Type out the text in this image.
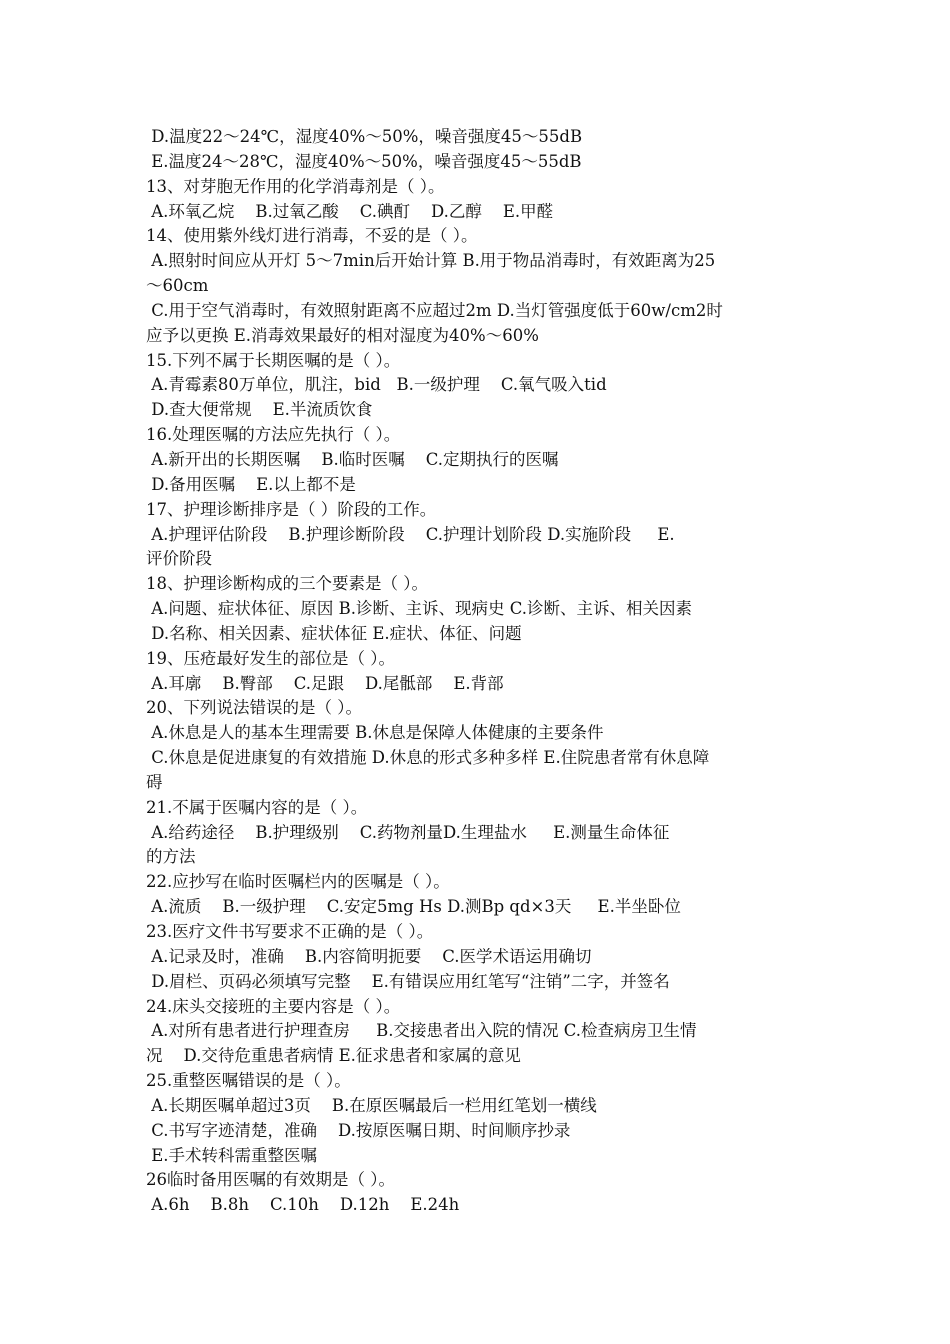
D.温度22～24℃，湿度40%～50%，噪音强度45～55dB
E.温度24～28℃，湿度40%～50%，噪音强度45～55dB
13、对芽胞无作用的化学消毒剂是（ ）。
A.环氧乙烷    B.过氧乙酸    C.碘酊    D.乙醇    E.甲醛
14、使用紫外线灯进行消毒，不妥的是（ ）。
A.照射时间应从开灯 5～7min后开始计算 B.用于物品消毒时，有效距离为25
～60cm
C.用于空气消毒时，有效照射距离不应超过2m D.当灯管强度低于60w/cm2时
应予以更换 E.消毒效果最好的相对湿度为40%～60%
15.下列不属于长期医嘱的是（ ）。
A.青霉素80万单位，肌注，bid   B.一级护理    C.氧气吸入tid
D.查大便常规    E.半流质饮食
16.处理医嘱的方法应先执行（ ）。
A.新开出的长期医嘱    B.临时医嘱    C.定期执行的医嘱
D.备用医嘱    E.以上都不是
17、护理诊断排序是（ ）阶段的工作。
A.护理评估阶段    B.护理诊断阶段    C.护理计划阶段 D.实施阶段     E.
评价阶段
18、护理诊断构成的三个要素是（ ）。
A.问题、症状体征、原因 B.诊断、主诉、现病史 C.诊断、主诉、相关因素
D.名称、相关因素、症状体征 E.症状、体征、问题
19、压疮最好发生的部位是（ ）。
A.耳廓    B.臀部    C.足跟    D.尾骶部    E.背部
20、下列说法错误的是（ ）。
A.休息是人的基本生理需要 B.休息是保障人体健康的主要条件
C.休息是促进康复的有效措施 D.休息的形式多种多样 E.住院患者常有休息障
碍
21.不属于医嘱内容的是（ ）。
A.给药途径    B.护理级别    C.药物剂量D.生理盐水     E.测量生命体征
的方法
22.应抄写在临时医嘱栏内的医嘱是（ ）。
A.流质    B.一级护理    C.安定5mg Hs D.测Bp qd×3天     E.半坐卧位
23.医疗文件书写要求不正确的是（ ）。
A.记录及时，准确    B.内容简明扼要    C.医学术语运用确切
D.眉栏、页码必须填写完整    E.有错误应用红笔写“注销”二字，并签名
24.床头交接班的主要内容是（ ）。
A.对所有患者进行护理查房     B.交接患者出入院的情况 C.检查病房卫生情
况    D.交待危重患者病情 E.征求患者和家属的意见
25.重整医嘱错误的是（ ）。
A.长期医嘱单超过3页    B.在原医嘱最后一栏用红笔划一横线
C.书写字迹清楚，准确    D.按原医嘱日期、时间顺序抄录
E.手术转科需重整医嘱
26临时备用医嘱的有效期是（ ）。
A.6h    B.8h    C.10h    D.12h    E.24h
